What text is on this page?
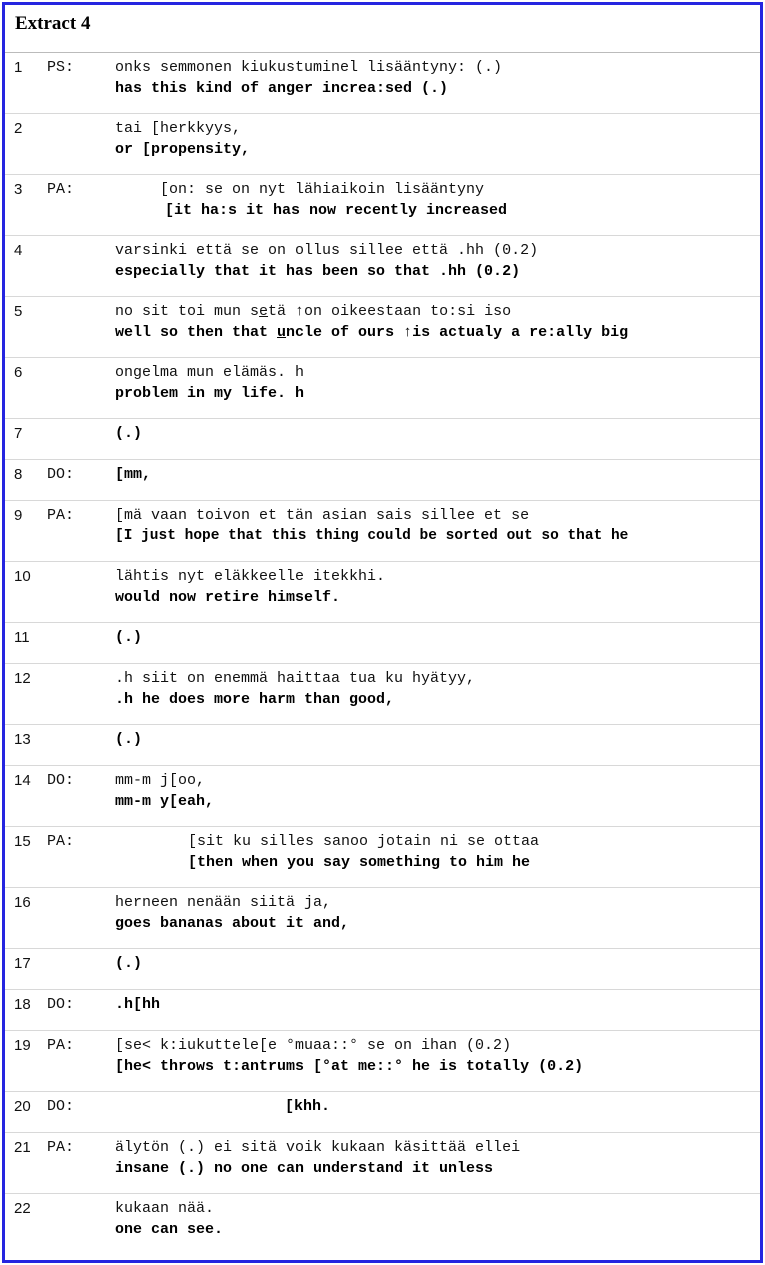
Extract 4
1 PS:	onks semmonen kiukustuminel lisääntyny: (.)
has this kind of anger increa:sed (.)
2	tai [herkkyys,
or [propensity,
3 PA:	[on: se on nyt lähiaikoin lisääntyny
[it ha:s it has now recently increased
4	varsinki että se on ollus sillee että .hh (0.2)
especially that it has been so that .hh (0.2)
5	no sit toi mun setä ↑on oikeestaan to:si iso
well so then that uncle of ours ↑is actualy a re:ally big
6	ongelma mun elämäs. h
problem in my life. h
7	(.)
8 DO:	[mm,
9 PA:	[mä vaan toivon et tän asian sais sillee et se
[I just hope that this thing could be sorted out so that he
10	lähtis nyt eläkkeelle itekkhi.
would now retire himself.
11	(.)
12	.h siit on enemmä haittaa tua ku hyätyy,
.h he does more harm than good,
13	(.)
14 DO:	mm-m j[oo,
mm-m y[eah,
15 PA:	[sit ku silles sanoo jotain ni se ottaa
[then when you say something to him he
16	herneen nenään siitä ja,
goes bananas about it and,
17	(.)
18 DO:	.h[hh
19 PA:	[se< k:iukuttele[e °muaa::° se on ihan (0.2)
[he< throws t:antrums [°at me::° he is totally (0.2)
20 DO:	[khh.
21 PA:	älytön (.) ei sitä voik kukaan käsittää ellei
insane (.) no one can understand it unless
22	kukaan nää.
one can see.
